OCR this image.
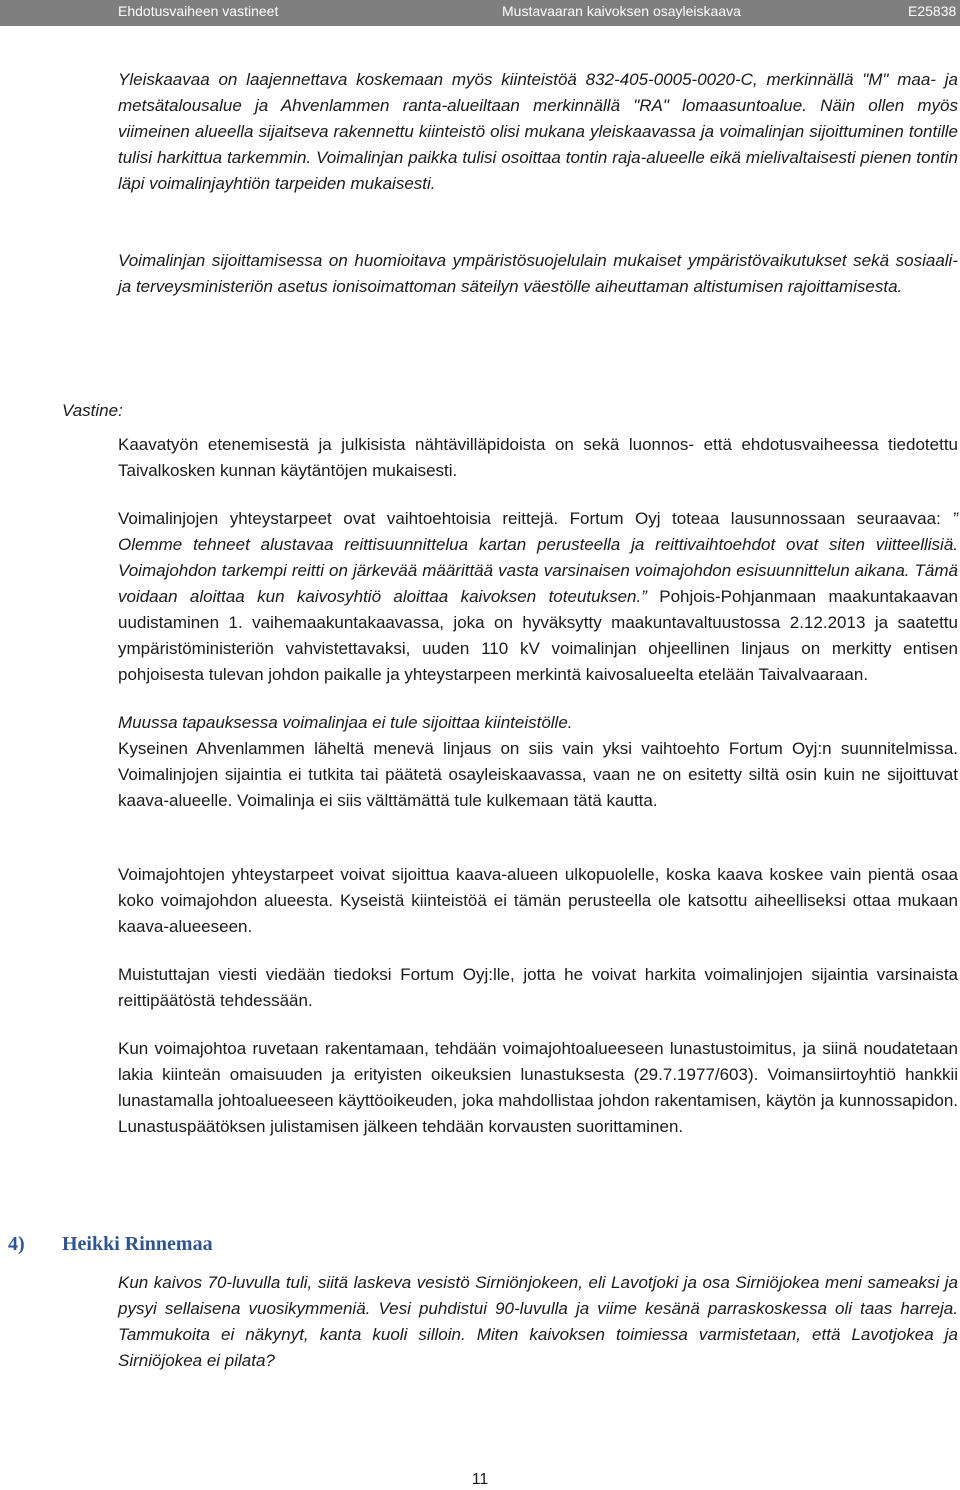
Ehdotusvaiheen vastineet	Mustavaaran kaivoksen osayleiskaava	E25838

Yleiskaavaa on laajennettava koskemaan myös kiinteistöä 832-405-0005-0020-C, merkinnällä "M" maa- ja metsätalousalue ja Ahvenlammen ranta-alueiltaan merkinnällä "RA" lomaasuntoalue. Näin ollen myös viimeinen alueella sijaitseva rakennettu kiinteistö olisi mukana yleiskaavassa ja voimalinjan sijoittuminen tontille tulisi harkittua tarkemmin. Voimalinjan paikka tulisi osoittaa tontin raja-alueelle eikä mielivaltaisesti pienen tontin läpi voimalinjayhtiön tarpeiden mukaisesti.

Voimalinjan sijoittamisessa on huomioitava ympäristösuojelulain mukaiset ympäristövaikutukset sekä sosiaali- ja terveysministeriön asetus ionisoimattoman säteilyn väestölle aiheuttaman altistumisen rajoittamisesta.

Muussa tapauksessa voimalinjaa ei tule sijoittaa kiinteistölle.

Vastine:

Kaavatyön etenemisestä ja julkisista nähtävilläpidoista on sekä luonnos- että ehdotusvaiheessa tiedotettu Taivalkosken kunnan käytäntöjen mukaisesti.

Voimalinjojen yhteystarpeet ovat vaihtoehtoisia reittejä. Fortum Oyj toteaa lausunnossaan seuraavaa: ” Olemme tehneet alustavaa reittisuunnittelua kartan perusteella ja reittivaihtoehdot ovat siten viitteellisiä. Voimajohdon tarkempi reitti on järkevää määrittää vasta varsinaisen voimajohdon esisuunnittelun aikana. Tämä voidaan aloittaa kun kaivosyhtiö aloittaa kaivoksen toteutuksen.” Pohjois-Pohjanmaan maakuntakaavan uudistaminen 1. vaihemaakuntakaavassa, joka on hyväksytty maakuntavaltuustossa 2.12.2013 ja saatettu ympäristöministeriön vahvistettavaksi, uuden 110 kV voimalinjan ohjeellinen linjaus on merkitty entisen pohjoisesta tulevan johdon paikalle ja yhteystarpeen merkintä kaivosalueelta etelään Taivalvaaraan.

Kyseinen Ahvenlammen läheltä menevä linjaus on siis vain yksi vaihtoehto Fortum Oyj:n suunnitelmissa. Voimalinjojen sijaintia ei tutkita tai päätetä osayleiskaavassa, vaan ne on esitetty siltä osin kuin ne sijoittuvat kaava-alueelle. Voimalinja ei siis välttämättä tule kulkemaan tätä kautta.

Voimajohtojen yhteystarpeet voivat sijoittua kaava-alueen ulkopuolelle, koska kaava koskee vain pientä osaa koko voimajohdon alueesta. Kyseistä kiinteistöä ei tämän perusteella ole katsottu aiheelliseksi ottaa mukaan kaava-alueeseen.

Muistuttajan viesti viedään tiedoksi Fortum Oyj:lle, jotta he voivat harkita voimalinjojen sijaintia varsinaista reittipäätöstä tehdessään.

Kun voimajohtoa ruvetaan rakentamaan, tehdään voimajohtoalueeseen lunastustoimitus, ja siinä noudatetaan lakia kiinteän omaisuuden ja erityisten oikeuksien lunastuksesta (29.7.1977/603). Voimansiirtoyhtiö hankkii lunastamalla johtoalueeseen käyttöoikeuden, joka mahdollistaa johdon rakentamisen, käytön ja kunnossapidon. Lunastuspäätöksen julistamisen jälkeen tehdään korvausten suorittaminen.

4) Heikki Rinnemaa

Kun kaivos 70-luvulla tuli, siitä laskeva vesistö Sirniönjokeen, eli Lavotjoki ja osa Sirniöjokea meni sameaksi ja pysyi sellaisena vuosikymmeniä. Vesi puhdistui 90-luvulla ja viime kesänä parraskoskessa oli taas harreja. Tammukoita ei näkynyt, kanta kuoli silloin. Miten kaivoksen toimiessa varmistetaan, että Lavotjokea ja Sirniöjokea ei pilata?

11
